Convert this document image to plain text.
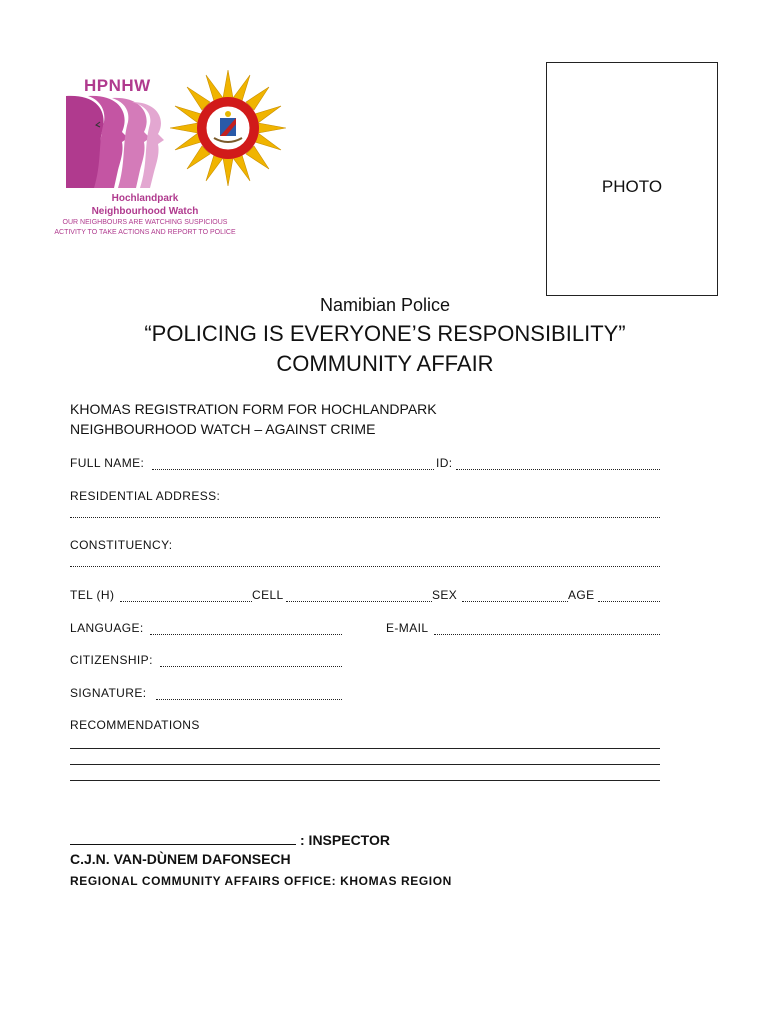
HPNHW
Hochlandpark
Neighbourhood Watch
OUR NEIGHBOURS ARE WATCHING SUSPICIOUS
ACTIVITY TO TAKE ACTIONS AND REPORT TO POLICE
PHOTO
Namibian Police
“POLICING IS EVERYONE’S RESPONSIBILITY”
COMMUNITY AFFAIR
KHOMAS REGISTRATION FORM FOR HOCHLANDPARK
NEIGHBOURHOOD WATCH – AGAINST CRIME
FULL NAME:	ID:
RESIDENTIAL ADDRESS:
CONSTITUENCY:
TEL (H)	CELL	SEX	AGE
LANGUAGE:	E-MAIL
CITIZENSHIP:
SIGNATURE:
RECOMMENDATIONS
: INSPECTOR
C.J.N. VAN-DÙNEM DAFONSECH
REGIONAL COMMUNITY AFFAIRS OFFICE: KHOMAS REGION
